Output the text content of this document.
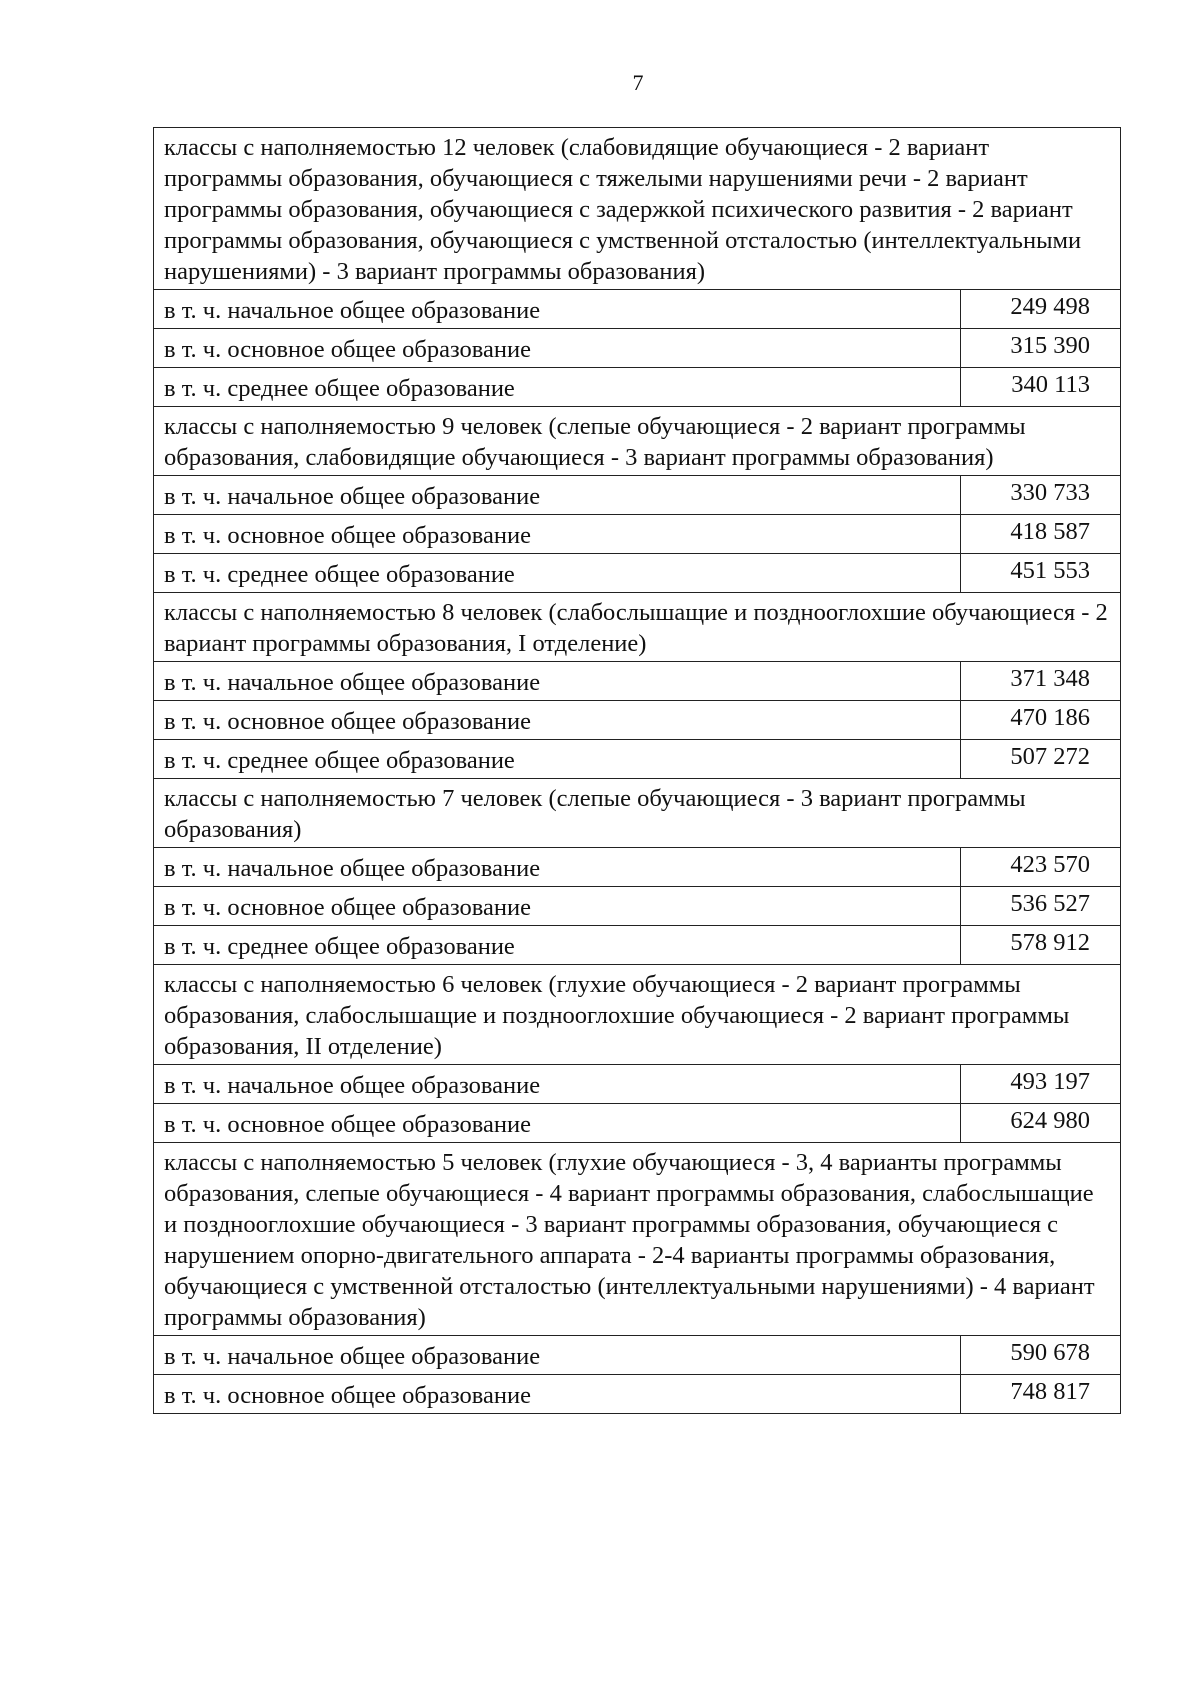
7
классы с наполняемостью 12 человек (слабовидящие обучающиеся - 2 вариант программы образования, обучающиеся с тяжелыми нарушениями речи - 2 вариант программы образования, обучающиеся с задержкой психического развития - 2 вариант программы образования, обучающиеся с умственной отсталостью (интеллектуальными нарушениями) - 3 вариант программы образования)	
в т. ч. начальное общее образование	249 498
в т. ч. основное общее образование	315 390
в т. ч. среднее общее образование	340 113
классы с наполняемостью 9 человек (слепые обучающиеся - 2 вариант программы образования, слабовидящие обучающиеся - 3 вариант программы образования)	
в т. ч. начальное общее образование	330 733
в т. ч. основное общее образование	418 587
в т. ч. среднее общее образование	451 553
классы с наполняемостью 8 человек (слабослышащие и позднооглохшие обучающиеся - 2 вариант программы образования, I отделение)	
в т. ч. начальное общее образование	371 348
в т. ч. основное общее образование	470 186
в т. ч. среднее общее образование	507 272
классы с наполняемостью 7 человек (слепые обучающиеся - 3 вариант программы образования)	
в т. ч. начальное общее образование	423 570
в т. ч. основное общее образование	536 527
в т. ч. среднее общее образование	578 912
классы с наполняемостью 6 человек (глухие обучающиеся - 2 вариант программы образования, слабослышащие и позднооглохшие обучающиеся - 2 вариант программы образования, II отделение)	
в т. ч. начальное общее образование	493 197
в т. ч. основное общее образование	624 980
классы с наполняемостью 5 человек (глухие обучающиеся - 3, 4 варианты программы образования, слепые обучающиеся - 4 вариант программы образования, слабослышащие и позднооглохшие обучающиеся - 3 вариант программы образования, обучающиеся с нарушением опорно-двигательного аппарата - 2-4 варианты программы образования, обучающиеся с умственной отсталостью (интеллектуальными нарушениями) - 4 вариант программы образования)	
в т. ч. начальное общее образование	590 678
в т. ч. основное общее образование	748 817
